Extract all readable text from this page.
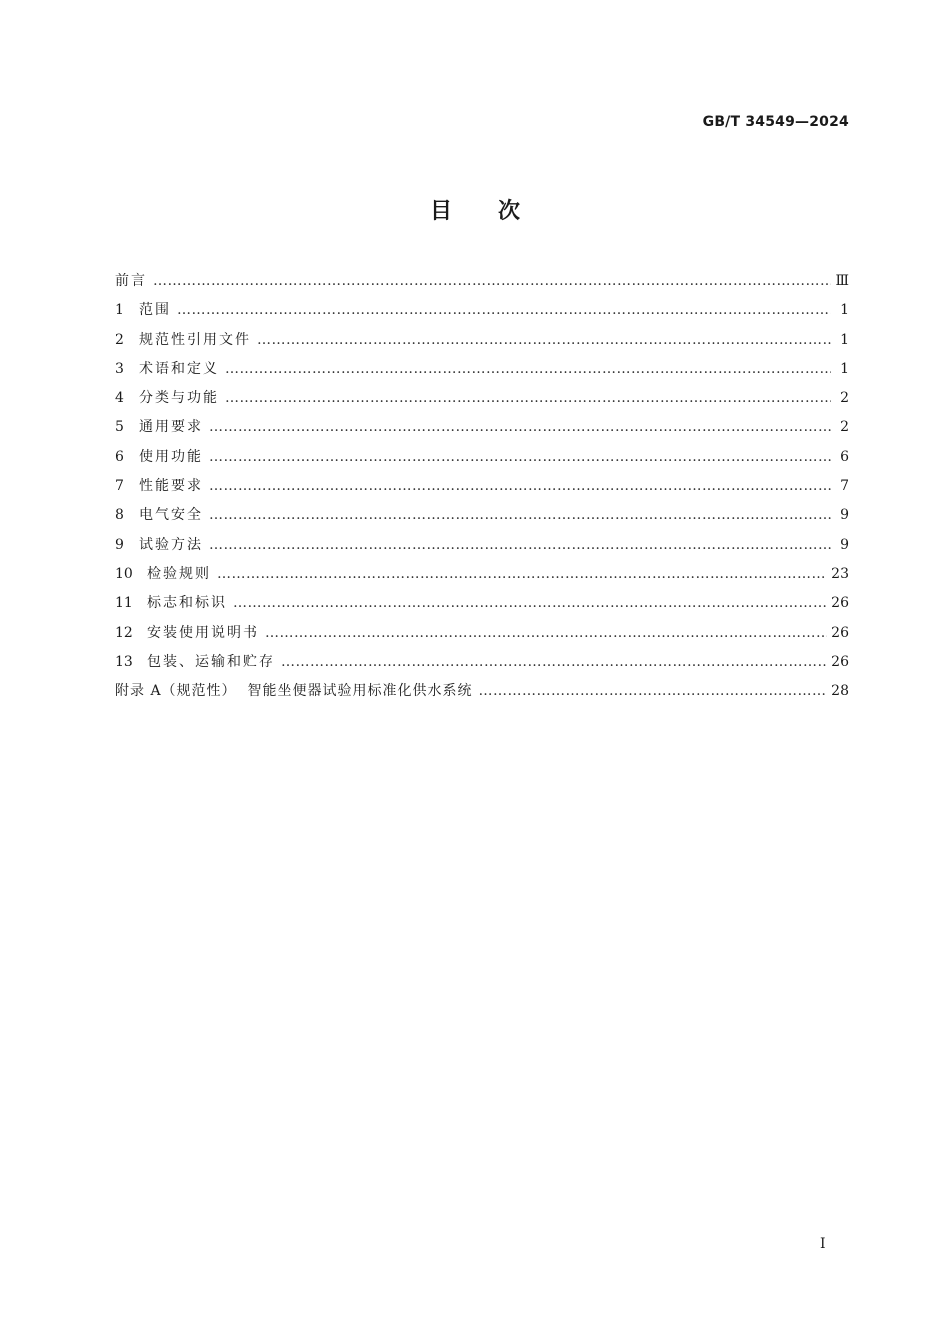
GB/T 34549—2024
目次
前言 ……………………………………………………………………………………………………………………………………………………………………………………………………………………………	Ⅲ
1	范围 ……………………………………………………………………………………………………………………………………………………………………………………………………………………………	1
2	规范性引用文件 ……………………………………………………………………………………………………………………………………………………………………………………………………………………………	1
3	术语和定义 ……………………………………………………………………………………………………………………………………………………………………………………………………………………………	1
4	分类与功能 ……………………………………………………………………………………………………………………………………………………………………………………………………………………………	2
5	通用要求 ……………………………………………………………………………………………………………………………………………………………………………………………………………………………	2
6	使用功能 ……………………………………………………………………………………………………………………………………………………………………………………………………………………………	6
7	性能要求 ……………………………………………………………………………………………………………………………………………………………………………………………………………………………	7
8	电气安全 ……………………………………………………………………………………………………………………………………………………………………………………………………………………………	9
9	试验方法 ……………………………………………………………………………………………………………………………………………………………………………………………………………………………	9
10 检验规则 ……………………………………………………………………………………………………………………………………………………………………………………………………………………………	23
11 标志和标识 ……………………………………………………………………………………………………………………………………………………………………………………………………………………………	26
12 安装使用说明书 ……………………………………………………………………………………………………………………………………………………………………………………………………………………………	26
13 包装、运输和贮存 ……………………………………………………………………………………………………………………………………………………………………………………………………………………………	26
附录 A（规范性）  智能坐便器试验用标准化供水系统 ……………………………………………………………………………………………………………………………………………………………………………………………………………………………	28
I
